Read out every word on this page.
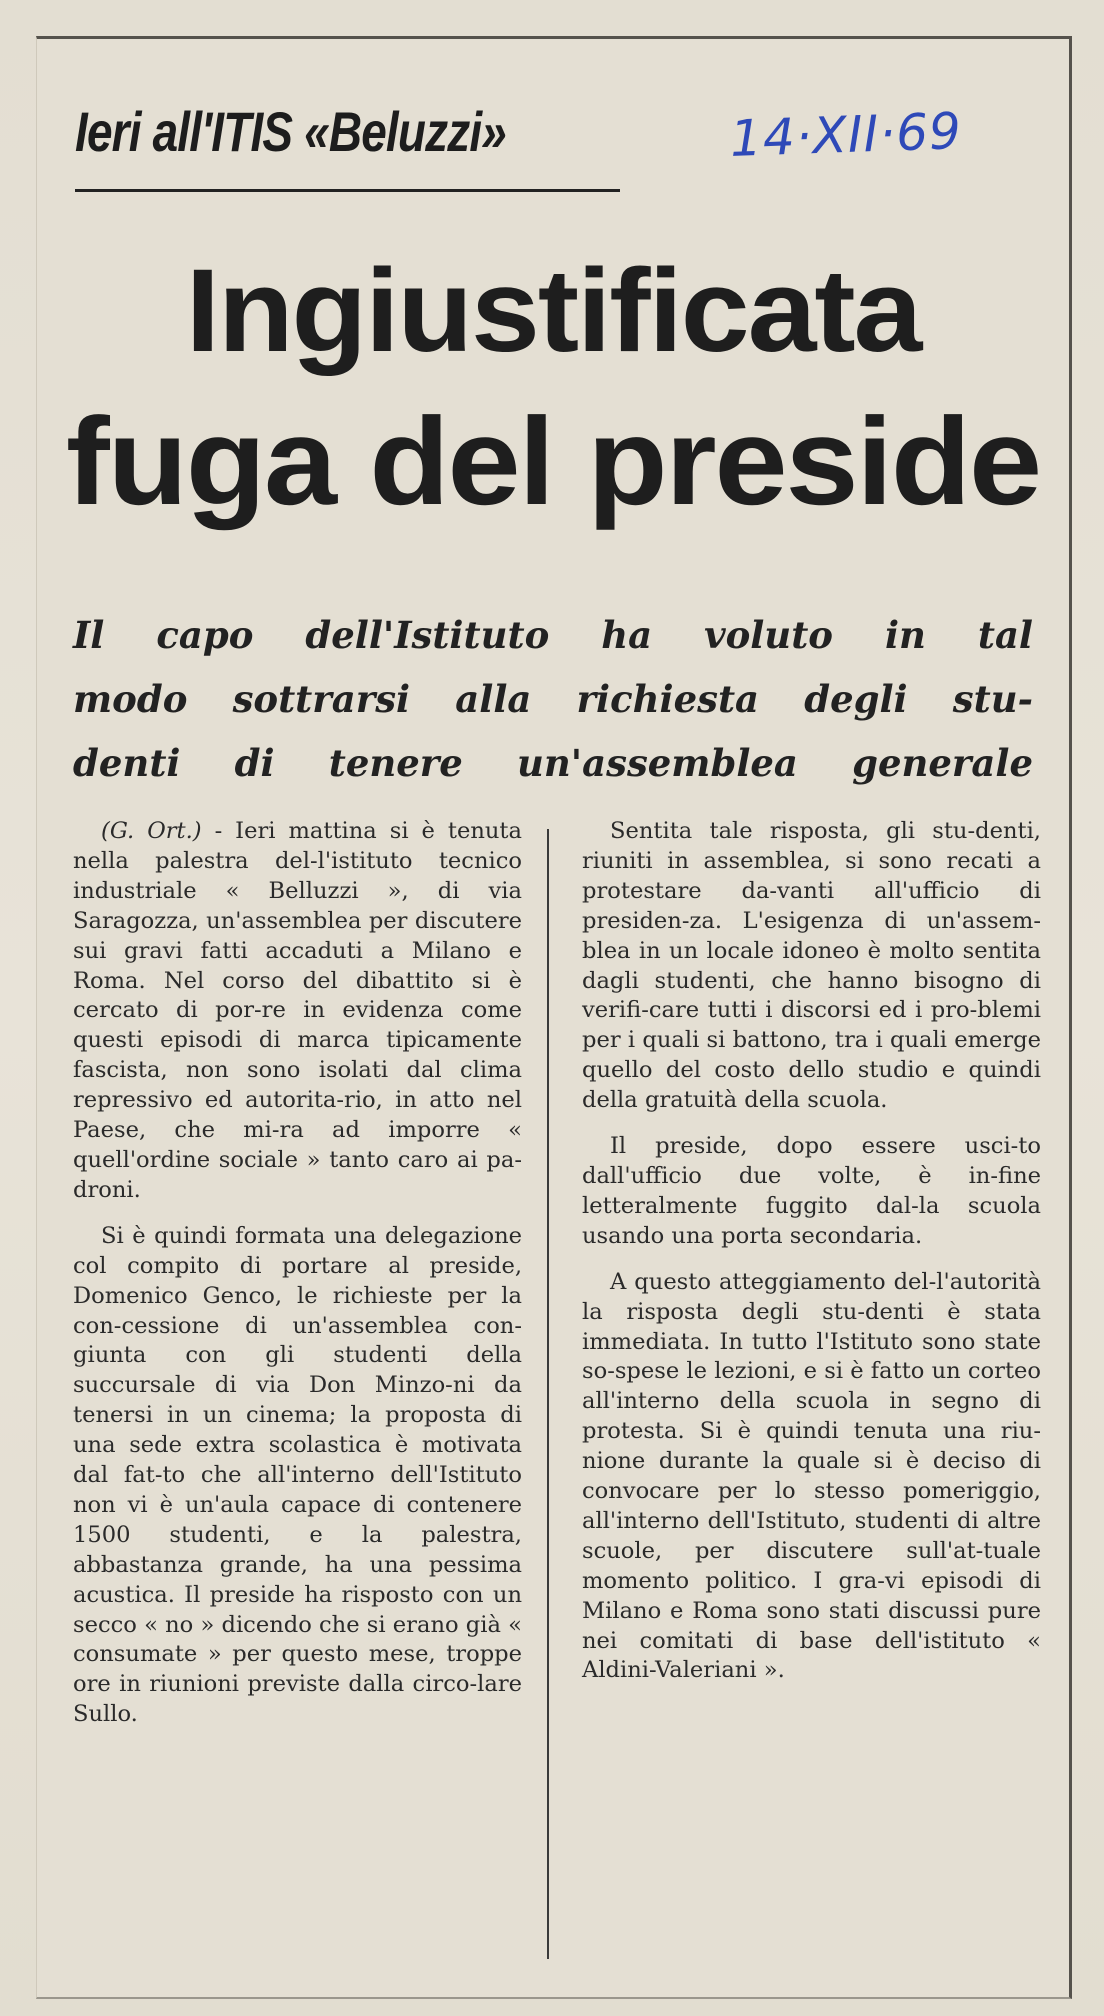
Ieri all'ITIS «Beluzzi»	14·XII·69
Ingiustificata
fuga del preside
Il capo dell'Istituto ha voluto in tal
modo sottrarsi alla richiesta degli stu-
denti di tenere un'assemblea generale

(G. Ort.) - Ieri mattina si è tenuta nella palestra del-l'istituto tecnico industriale « Belluzzi », di via Saragozza, un'assemblea per discutere sui gravi fatti accaduti a Milano e Roma. Nel corso del dibattito si è cercato di por-re in evidenza come questi episodi di marca tipicamente fascista, non sono isolati dal clima repressivo ed autorita-rio, in atto nel Paese, che mi-ra ad imporre « quell'ordine sociale » tanto caro ai pa-droni.

Si è quindi formata una delegazione col compito di portare al preside, Domenico Genco, le richieste per la con-cessione di un'assemblea con-giunta con gli studenti della succursale di via Don Minzo-ni da tenersi in un cinema; la proposta di una sede extra scolastica è motivata dal fat-to che all'interno dell'Istituto non vi è un'aula capace di contenere 1500 studenti, e la palestra, abbastanza grande, ha una pessima acustica. Il preside ha risposto con un secco « no » dicendo che si erano già « consumate » per questo mese, troppe ore in riunioni previste dalla circo-lare Sullo.

Sentita tale risposta, gli stu-denti, riuniti in assemblea, si sono recati a protestare da-vanti all'ufficio di presiden-za. L'esigenza di un'assem-blea in un locale idoneo è molto sentita dagli studenti, che hanno bisogno di verifi-care tutti i discorsi ed i pro-blemi per i quali si battono, tra i quali emerge quello del costo dello studio e quindi della gratuità della scuola.

Il preside, dopo essere usci-to dall'ufficio due volte, è in-fine letteralmente fuggito dal-la scuola usando una porta secondaria.

A questo atteggiamento del-l'autorità la risposta degli stu-denti è stata immediata. In tutto l'Istituto sono state so-spese le lezioni, e si è fatto un corteo all'interno della scuola in segno di protesta. Si è quindi tenuta una riu-nione durante la quale si è deciso di convocare per lo stesso pomeriggio, all'interno dell'Istituto, studenti di altre scuole, per discutere sull'at-tuale momento politico. I gra-vi episodi di Milano e Roma sono stati discussi pure nei comitati di base dell'istituto « Aldini-Valeriani ».
